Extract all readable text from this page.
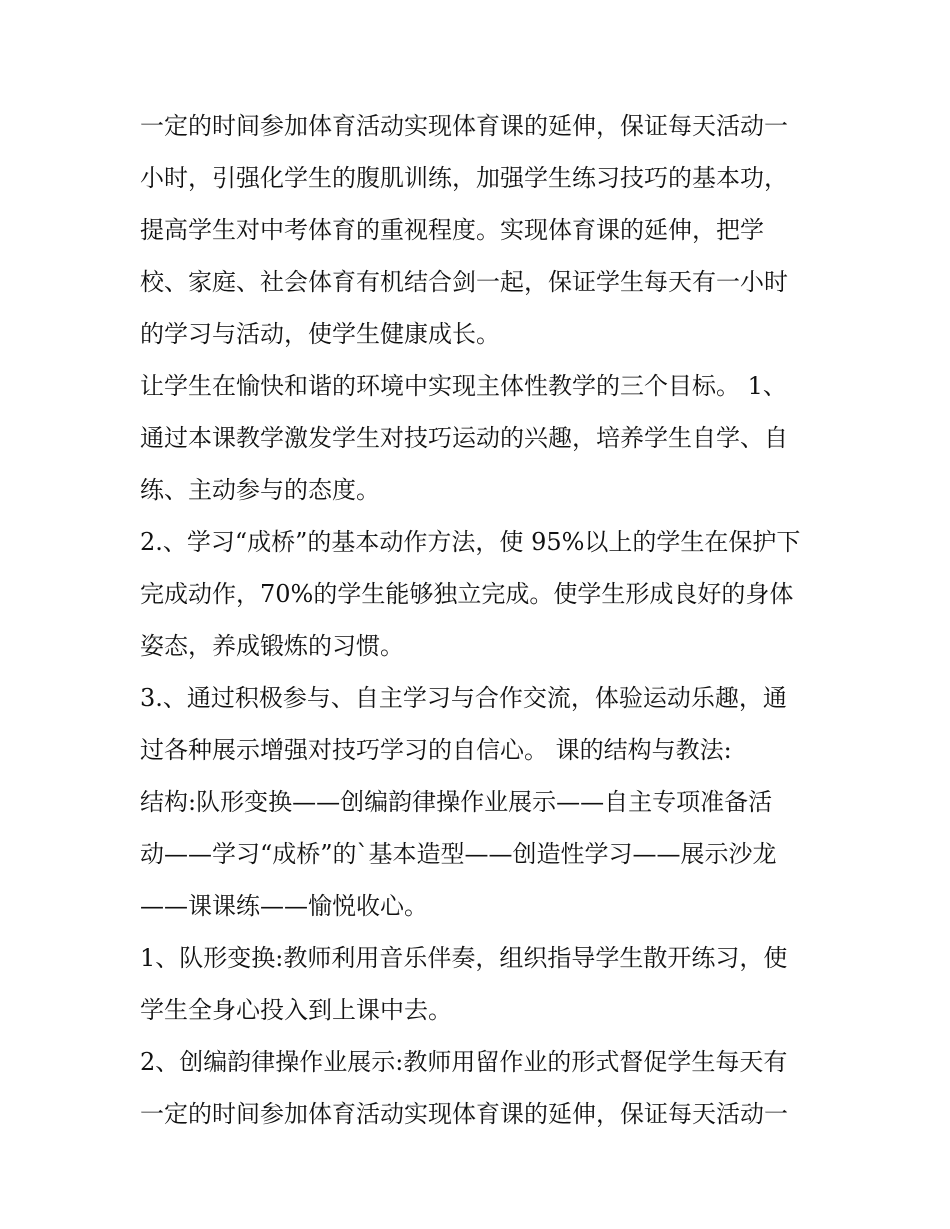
一定的时间参加体育活动实现体育课的延伸，保证每天活动一
小时，引强化学生的腹肌训练，加强学生练习技巧的基本功，
提高学生对中考体育的重视程度。实现体育课的延伸，把学
校、家庭、社会体育有机结合剑一起，保证学生每天有一小时
的学习与活动，使学生健康成长。
让学生在愉快和谐的环境中实现主体性教学的三个目标。 1、
通过本课教学激发学生对技巧运动的兴趣，培养学生自学、自
练、主动参与的态度。
2.、学习“成桥”的基本动作方法，使 95%以上的学生在保护下
完成动作，70%的学生能够独立完成。使学生形成良好的身体
姿态，养成锻炼的习惯。
3.、通过积极参与、自主学习与合作交流，体验运动乐趣，通
过各种展示增强对技巧学习的自信心。 课的结构与教法:
结构:队形变换——创编韵律操作业展示——自主专项准备活
动——学习“成桥”的`基本造型——创造性学习——展示沙龙
——课课练——愉悦收心。
1、队形变换:教师利用音乐伴奏，组织指导学生散开练习，使
学生全身心投入到上课中去。
2、创编韵律操作业展示:教师用留作业的形式督促学生每天有
一定的时间参加体育活动实现体育课的延伸，保证每天活动一
